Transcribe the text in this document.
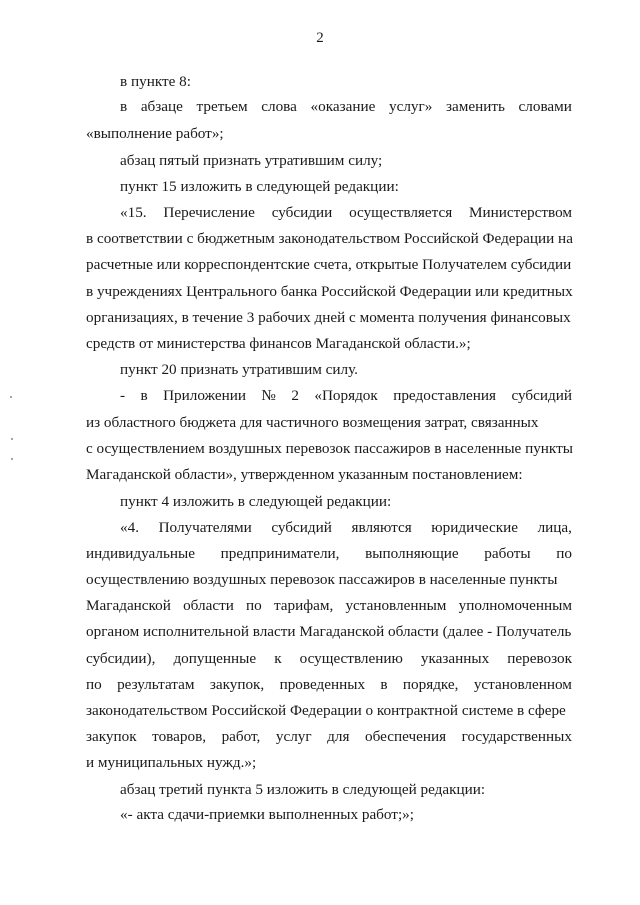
2
в пункте 8:
в абзаце третьем слова «оказание услуг» заменить словами
«выполнение работ»;
абзац пятый признать утратившим силу;
пункт 15 изложить в следующей редакции:
«15. Перечисление субсидии осуществляется Министерством
в соответствии с бюджетным законодательством Российской Федерации на
расчетные или корреспондентские счета, открытые Получателем субсидии
в учреждениях Центрального банка Российской Федерации или кредитных
организациях, в течение 3 рабочих дней с момента получения финансовых
средств от министерства финансов Магаданской области.»;
пункт 20 признать утратившим силу.
- в Приложении № 2 «Порядок предоставления субсидий
из областного бюджета для частичного возмещения затрат, связанных
с осуществлением воздушных перевозок пассажиров в населенные пункты
Магаданской области», утвержденном указанным постановлением:
пункт 4 изложить в следующей редакции:
«4. Получателями субсидий являются юридические лица,
индивидуальные предприниматели, выполняющие работы по
осуществлению воздушных перевозок пассажиров в населенные пункты
Магаданской области по тарифам, установленным уполномоченным
органом исполнительной власти Магаданской области (далее - Получатель
субсидии), допущенные к осуществлению указанных перевозок
по результатам закупок, проведенных в порядке, установленном
законодательством Российской Федерации о контрактной системе в сфере
закупок товаров, работ, услуг для обеспечения государственных
и муниципальных нужд.»;
абзац третий пункта 5 изложить в следующей редакции:
«- акта сдачи-приемки выполненных работ;»;
